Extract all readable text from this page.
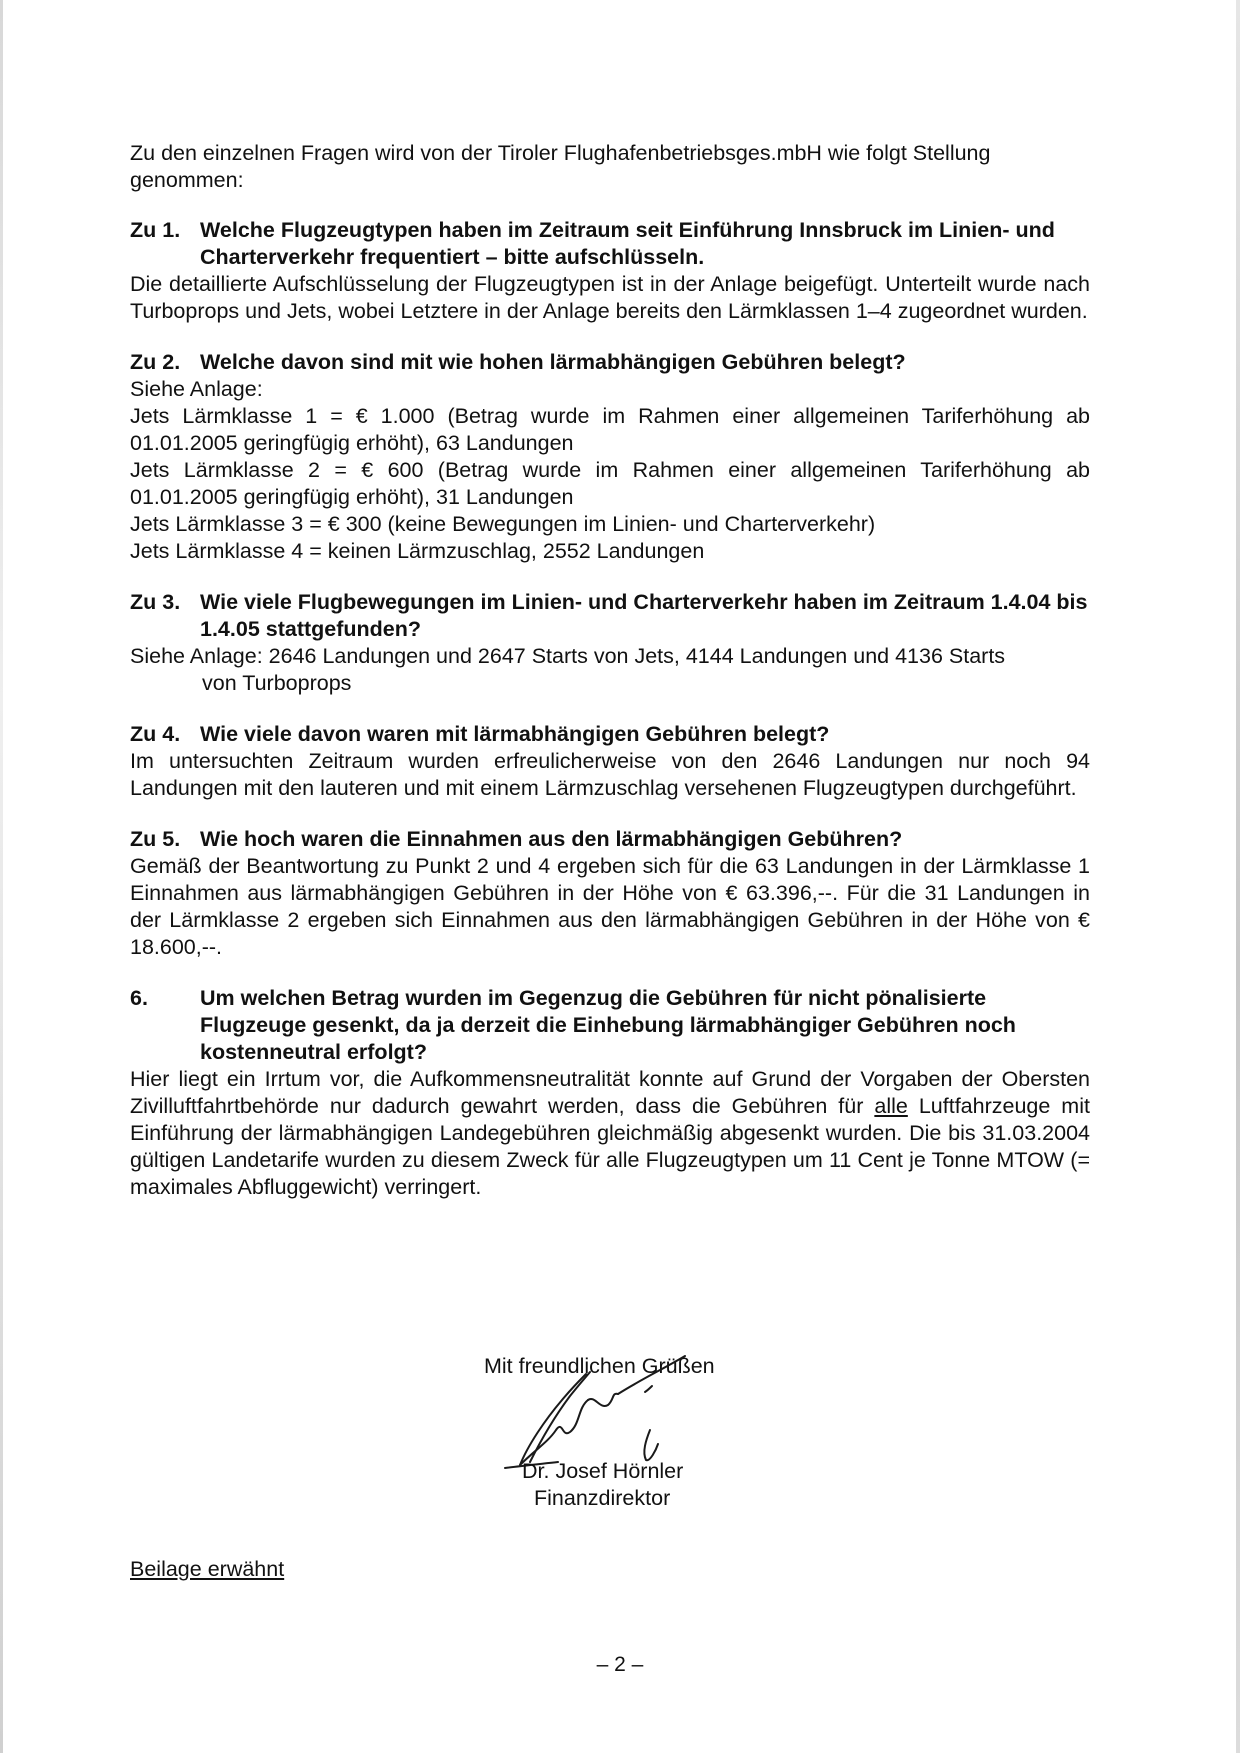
Zu den einzelnen Fragen wird von der Tiroler Flughafenbetriebsges.mbH wie folgt Stellung genommen:

Zu 1. Welche Flugzeugtypen haben im Zeitraum seit Einführung Innsbruck im Linien- und Charterverkehr frequentiert – bitte aufschlüsseln.

Die detaillierte Aufschlüsselung der Flugzeugtypen ist in der Anlage beigefügt. Unterteilt wurde nach Turboprops und Jets, wobei Letztere in der Anlage bereits den Lärmklassen 1–4 zugeordnet wurden.

Zu 2. Welche davon sind mit wie hohen lärmabhängigen Gebühren belegt?
Siehe Anlage:
Jets Lärmklasse 1 = € 1.000 (Betrag wurde im Rahmen einer allgemeinen Tariferhöhung ab 01.01.2005 geringfügig erhöht), 63 Landungen
Jets Lärmklasse 2 = € 600 (Betrag wurde im Rahmen einer allgemeinen Tariferhöhung ab 01.01.2005 geringfügig erhöht), 31 Landungen
Jets Lärmklasse 3 = € 300 (keine Bewegungen im Linien- und Charterverkehr)
Jets Lärmklasse 4 = keinen Lärmzuschlag, 2552 Landungen
Zu 3. Wie viele Flugbewegungen im Linien- und Charterverkehr haben im Zeitraum 1.4.04 bis 1.4.05 stattgefunden?
Siehe Anlage: 2646 Landungen und 2647 Starts von Jets, 4144 Landungen und 4136 Starts
von Turboprops
Zu 4. Wie viele davon waren mit lärmabhängigen Gebühren belegt?

Im untersuchten Zeitraum wurden erfreulicherweise von den 2646 Landungen nur noch 94 Landungen mit den lauteren und mit einem Lärmzuschlag versehenen Flugzeugtypen durchgeführt.

Zu 5. Wie hoch waren die Einnahmen aus den lärmabhängigen Gebühren?

Gemäß der Beantwortung zu Punkt 2 und 4 ergeben sich für die 63 Landungen in der Lärmklasse 1 Einnahmen aus lärmabhängigen Gebühren in der Höhe von € 63.396,--. Für die 31 Landungen in der Lärmklasse 2 ergeben sich Einnahmen aus den lärmabhängigen Gebühren in der Höhe von € 18.600,--.

6.	Um welchen Betrag wurden im Gegenzug die Gebühren für nicht pönalisierte Flugzeuge gesenkt, da ja derzeit die Einhebung lärmabhängiger Gebühren noch kostenneutral erfolgt?

Hier liegt ein Irrtum vor, die Aufkommensneutralität konnte auf Grund der Vorgaben der Obersten Zivilluftfahrtbehörde nur dadurch gewahrt werden, dass die Gebühren für alle Luftfahrzeuge mit Einführung der lärmabhängigen Landegebühren gleichmäßig abgesenkt wurden. Die bis 31.03.2004 gültigen Landetarife wurden zu diesem Zweck für alle Flugzeugtypen um 11 Cent je Tonne MTOW (= maximales Abfluggewicht) verringert.

Mit freundlichen Grüßen
Dr. Josef Hörnler
Finanzdirektor
Beilage erwähnt
– 2 –
